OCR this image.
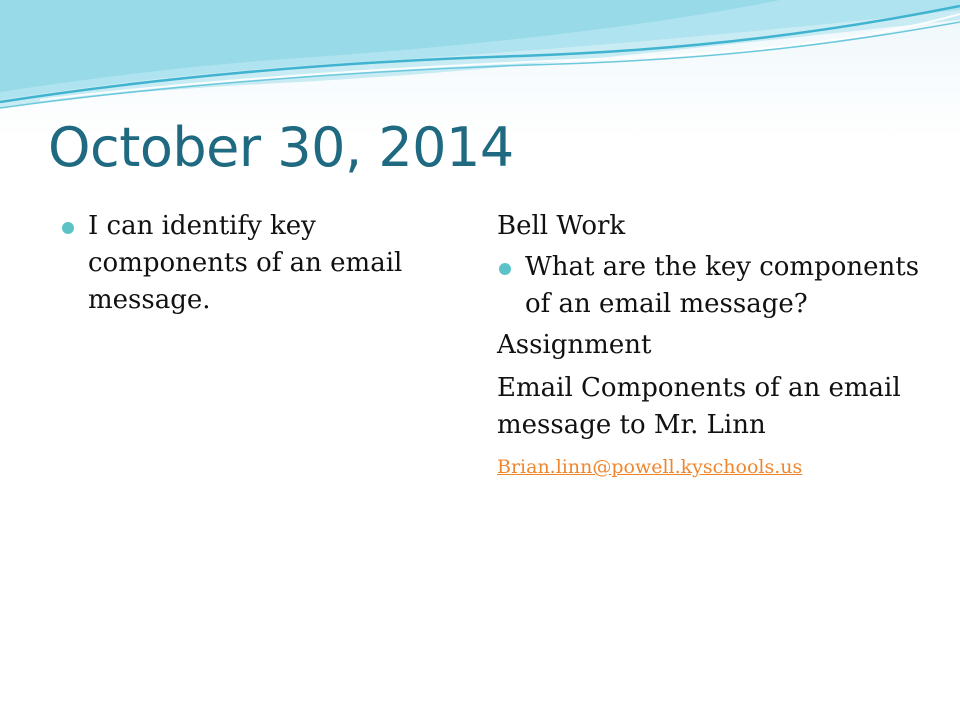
October 30, 2014

I can identify key components of an email message.

Bell Work

What are the key components of an email message?

Assignment

Email Components of an email message to Mr. Linn

Brian.linn@powell.kyschools.us
